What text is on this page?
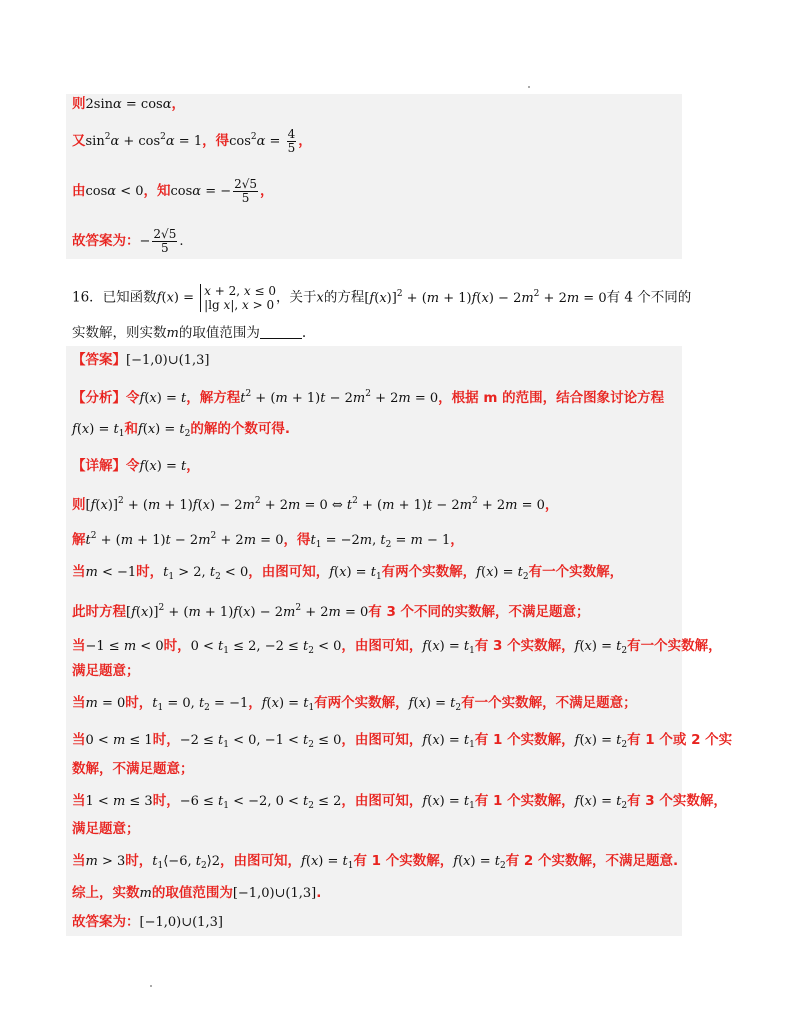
则2sinα = cosα，
又$\sin^2\alpha + \cos^2\alpha = 1$，得$\cos^2\alpha = \frac{4}{5}$ ，
由cosα < 0，知cosα = − $\frac{2√5}{5}$ ，
故答案为：− $\frac{2√5}{5}$ .
16．已知函数f(x) = x + 2, x ≤ 0
|lg x|, x > 0 ，关于x的方程$[f(x)]^2 + (m + 1)f(x) - 2m^2 + 2m = 0$有 4 个不同的
实数解，则实数m的取值范围为	.
【答案】[−1,0)∪(1,3]
【分析】令f(x) = t，解方程$t^2 + (m + 1)t - 2m^2 + 2m = 0$，根据 m 的范围，结合图象讨论方程
$f(x) = t_1$和$f(x) = t_2$的解的个数可得.
【详解】令f(x) = t，
则$[f(x)]^2 + (m + 1)f(x) - 2m^2 + 2m = 0$ ⇔ $t^2 + (m + 1)t - 2m^2 + 2m = 0$，
解$t^2 + (m + 1)t - 2m^2 + 2m = 0$，得$t_1 = -2m$, $t_2 = m - 1$，
当m < −1时，$t_1 > 2$, $t_2 < 0$，由图可知，$f(x) = t_1$有两个实数解，$f(x) = t_2$有一个实数解，
此时方程$[f(x)]^2 + (m + 1)f(x) - 2m^2 + 2m = 0$有 3 个不同的实数解，不满足题意；
当−1 ≤ m < 0时，$0 < t_1 \le 2$, $-2 \le t_2 < 0$，由图可知，$f(x) = t_1$有 3 个实数解，$f(x) = t_2$有一个实数解，
满足题意；
当m = 0时，$t_1 = 0$, $t_2 = -1$，$f(x) = t_1$有两个实数解，$f(x) = t_2$有一个实数解，不满足题意；
当0 < m ≤ 1时，$-2 \le t_1 < 0$, $-1 < t_2 \le 0$，由图可知，$f(x) = t_1$有 1 个实数解，$f(x) = t_2$有 1 个或 2 个实
数解，不满足题意；
当1 < m ≤ 3时，$-6 \le t_1 < -2$, $0 < t_2 \le 2$，由图可知，$f(x) = t_1$有 1 个实数解，$f(x) = t_2$有 3 个实数解，
满足题意；
当m > 3时，$t_1⟨-6$, $t_2⟩2$，由图可知，$f(x) = t_1$有 1 个实数解，$f(x) = t_2$有 2 个实数解，不满足题意.
综上，实数m的取值范围为[−1,0)∪(1,3].
故答案为：[−1,0)∪(1,3]
